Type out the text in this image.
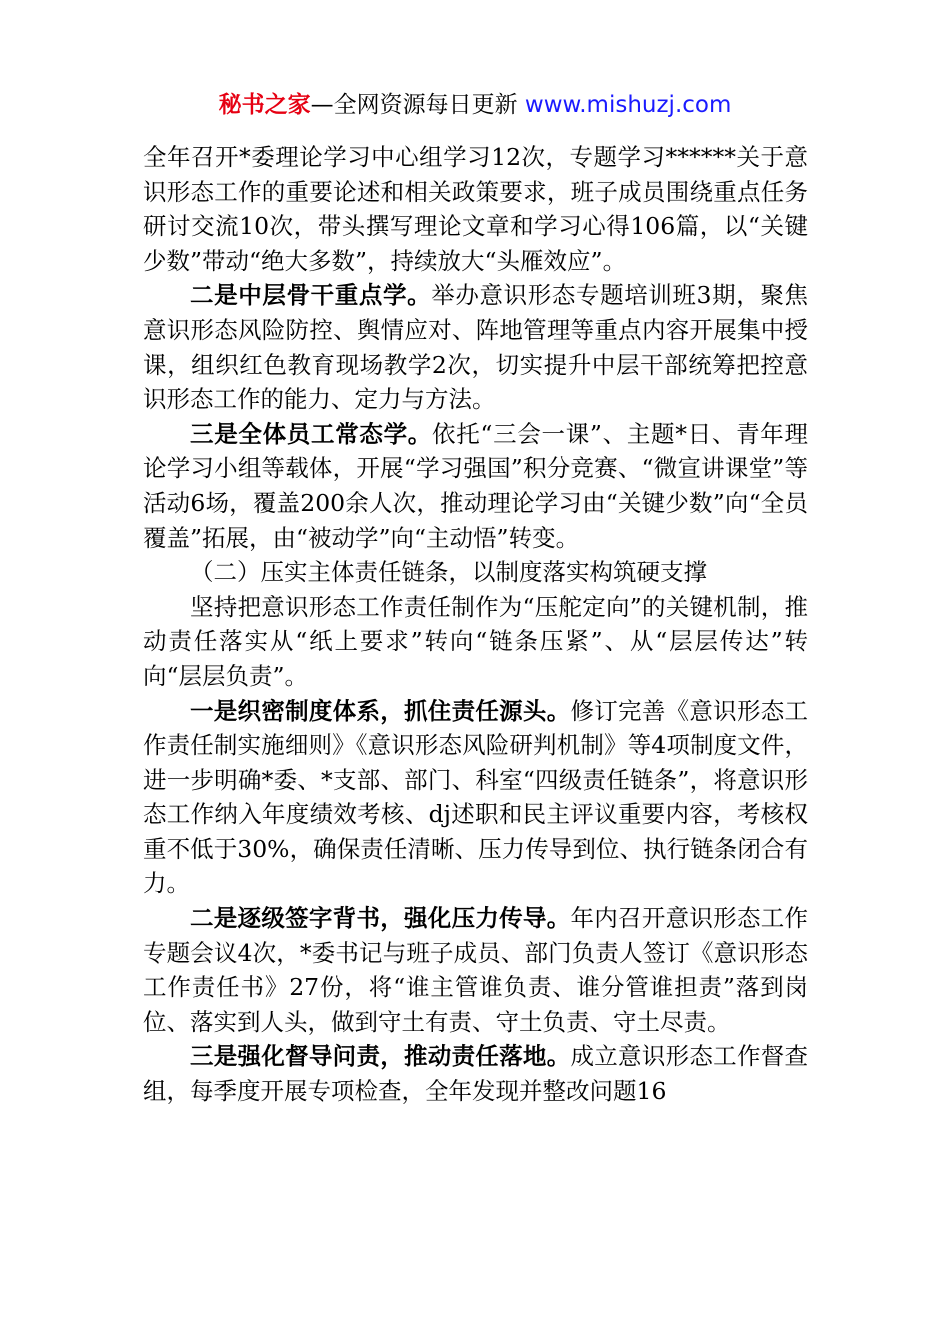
秘书之家—全网资源每日更新 www.mishuzj.com

全年召开*委理论学习中心组学习12次，专题学习******关于意识形态工作的重要论述和相关政策要求，班子成员围绕重点任务研讨交流10次，带头撰写理论文章和学习心得106篇，以“关键少数”带动“绝大多数”，持续放大“头雁效应”。

二是中层骨干重点学。举办意识形态专题培训班3期，聚焦意识形态风险防控、舆情应对、阵地管理等重点内容开展集中授课，组织红色教育现场教学2次，切实提升中层干部统筹把控意识形态工作的能力、定力与方法。

三是全体员工常态学。依托“三会一课”、主题*日、青年理论学习小组等载体，开展“学习强国”积分竞赛、“微宣讲课堂”等活动6场，覆盖200余人次，推动理论学习由“关键少数”向“全员覆盖”拓展，由“被动学”向“主动悟”转变。

（二）压实主体责任链条，以制度落实构筑硬支撑

坚持把意识形态工作责任制作为“压舵定向”的关键机制，推动责任落实从“纸上要求”转向“链条压紧”、从“层层传达”转向“层层负责”。

一是织密制度体系，抓住责任源头。修订完善《意识形态工作责任制实施细则》《意识形态风险研判机制》等4项制度文件，进一步明确*委、*支部、部门、科室“四级责任链条”，将意识形态工作纳入年度绩效考核、dj述职和民主评议重要内容，考核权重不低于30%，确保责任清晰、压力传导到位、执行链条闭合有力。

二是逐级签字背书，强化压力传导。年内召开意识形态工作专题会议4次，*委书记与班子成员、部门负责人签订《意识形态工作责任书》27份，将“谁主管谁负责、谁分管谁担责”落到岗位、落实到人头，做到守土有责、守土负责、守土尽责。

三是强化督导问责，推动责任落地。成立意识形态工作督查组，每季度开展专项检查，全年发现并整改问题16
